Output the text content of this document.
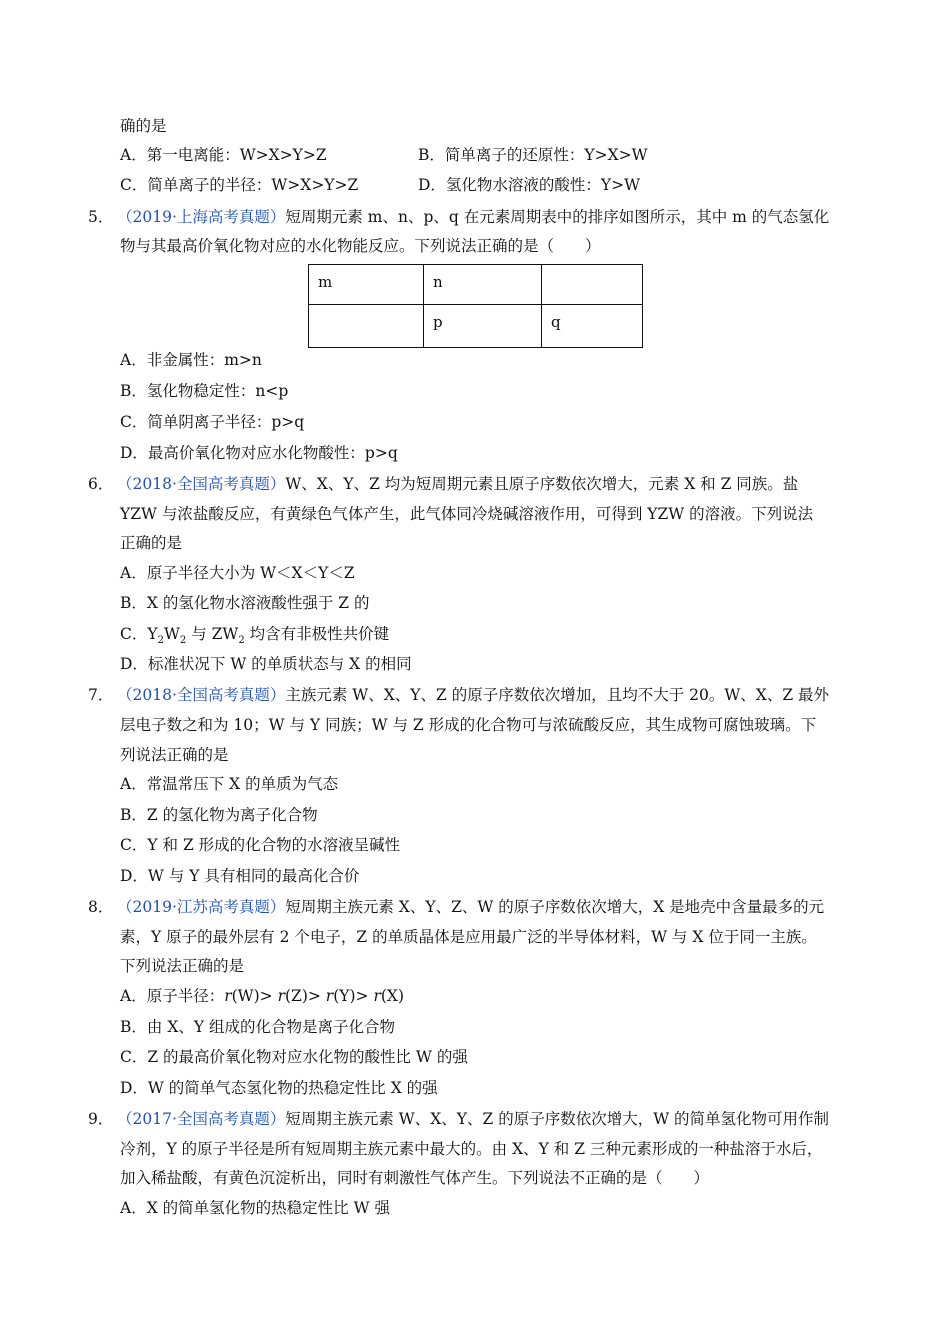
确的是
A．第一电离能：W>X>Y>Z	B．简单离子的还原性：Y>X>W
C．简单离子的半径：W>X>Y>Z	D．氢化物水溶液的酸性：Y>W
5． （2019·上海高考真题）短周期元素 m、n、p、q 在元素周期表中的排序如图所示，其中 m 的气态氢化
物与其最高价氧化物对应的水化物能反应。下列说法正确的是（　　）
m	n	
	p	q
A．非金属性：m>n
B．氢化物稳定性：n<p
C．简单阴离子半径：p>q
D．最高价氧化物对应水化物酸性：p>q
6． （2018·全国高考真题）W、X、Y、Z 均为短周期元素且原子序数依次增大，元素 X 和 Z 同族。盐
YZW 与浓盐酸反应，有黄绿色气体产生，此气体同冷烧碱溶液作用，可得到 YZW 的溶液。下列说法
正确的是
A．原子半径大小为 W＜X＜Y＜Z
B．X 的氢化物水溶液酸性强于 Z 的
C．$Y_2W_2$ 与 $ZW_2$ 均含有非极性共价键
D．标准状况下 W 的单质状态与 X 的相同
7． （2018·全国高考真题）主族元素 W、X、Y、Z 的原子序数依次增加，且均不大于 20。W、X、Z 最外
层电子数之和为 10；W 与 Y 同族；W 与 Z 形成的化合物可与浓硫酸反应，其生成物可腐蚀玻璃。下
列说法正确的是
A．常温常压下 X 的单质为气态
B．Z 的氢化物为离子化合物
C．Y 和 Z 形成的化合物的水溶液呈碱性
D．W 与 Y 具有相同的最高化合价
8． （2019·江苏高考真题）短周期主族元素 X、Y、Z、W 的原子序数依次增大，X 是地壳中含量最多的元
素，Y 原子的最外层有 2 个电子，Z 的单质晶体是应用最广泛的半导体材料，W 与 X 位于同一主族。
下列说法正确的是
A．原子半径：r(W)> r(Z)> r(Y)> r(X)
B．由 X、Y 组成的化合物是离子化合物
C．Z 的最高价氧化物对应水化物的酸性比 W 的强
D．W 的简单气态氢化物的热稳定性比 X 的强
9． （2017·全国高考真题）短周期主族元素 W、X、Y、Z 的原子序数依次增大，W 的简单氢化物可用作制
冷剂，Y 的原子半径是所有短周期主族元素中最大的。由 X、Y 和 Z 三种元素形成的一种盐溶于水后，
加入稀盐酸，有黄色沉淀析出，同时有刺激性气体产生。下列说法不正确的是（　　）
A．X 的简单氢化物的热稳定性比 W 强
